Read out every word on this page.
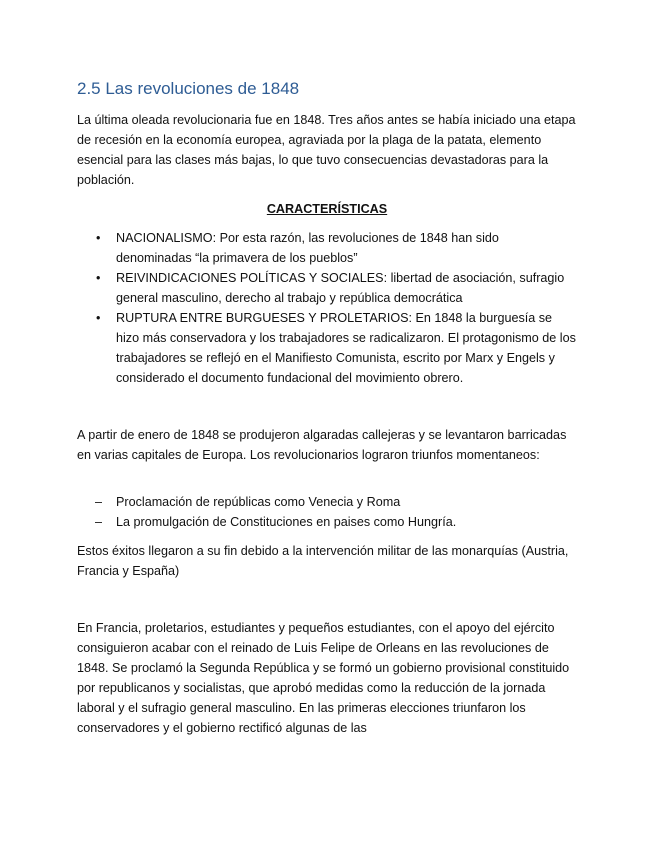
2.5 Las revoluciones de 1848

La última oleada revolucionaria fue en 1848. Tres años antes se había iniciado una etapa de recesión en la economía europea, agraviada por la plaga de la patata, elemento esencial para las clases más bajas, lo que tuvo consecuencias devastadoras para la población.

CARACTERÍSTICAS

• NACIONALISMO: Por esta razón, las revoluciones de 1848 han sido denominadas “la primavera de los pueblos”
• REIVINDICACIONES POLÍTICAS Y SOCIALES: libertad de asociación, sufragio general masculino, derecho al trabajo y república democrática
• RUPTURA ENTRE BURGUESES Y PROLETARIOS: En 1848 la burguesía se hizo más conservadora y los trabajadores se radicalizaron. El protagonismo de los trabajadores se reflejó en el Manifiesto Comunista, escrito por Marx y Engels y considerado el documento fundacional del movimiento obrero.

A partir de enero de 1848 se produjeron algaradas callejeras y se levantaron barricadas en varias capitales de Europa. Los revolucionarios lograron triunfos momentaneos:

– Proclamación de repúblicas como Venecia y Roma
– La promulgación de Constituciones en paises como Hungría.

Estos éxitos llegaron a su fin debido a la intervención militar de las monarquías (Austria, Francia y España)

En Francia, proletarios, estudiantes y pequeños estudiantes, con el apoyo del ejército consiguieron acabar con el reinado de Luis Felipe de Orleans en las revoluciones de 1848. Se proclamó la Segunda República y se formó un gobierno provisional constituido por republicanos y socialistas, que aprobó medidas como la reducción de la jornada laboral y el sufragio general masculino. En las primeras elecciones triunfaron los conservadores y el gobierno rectificó algunas de las
